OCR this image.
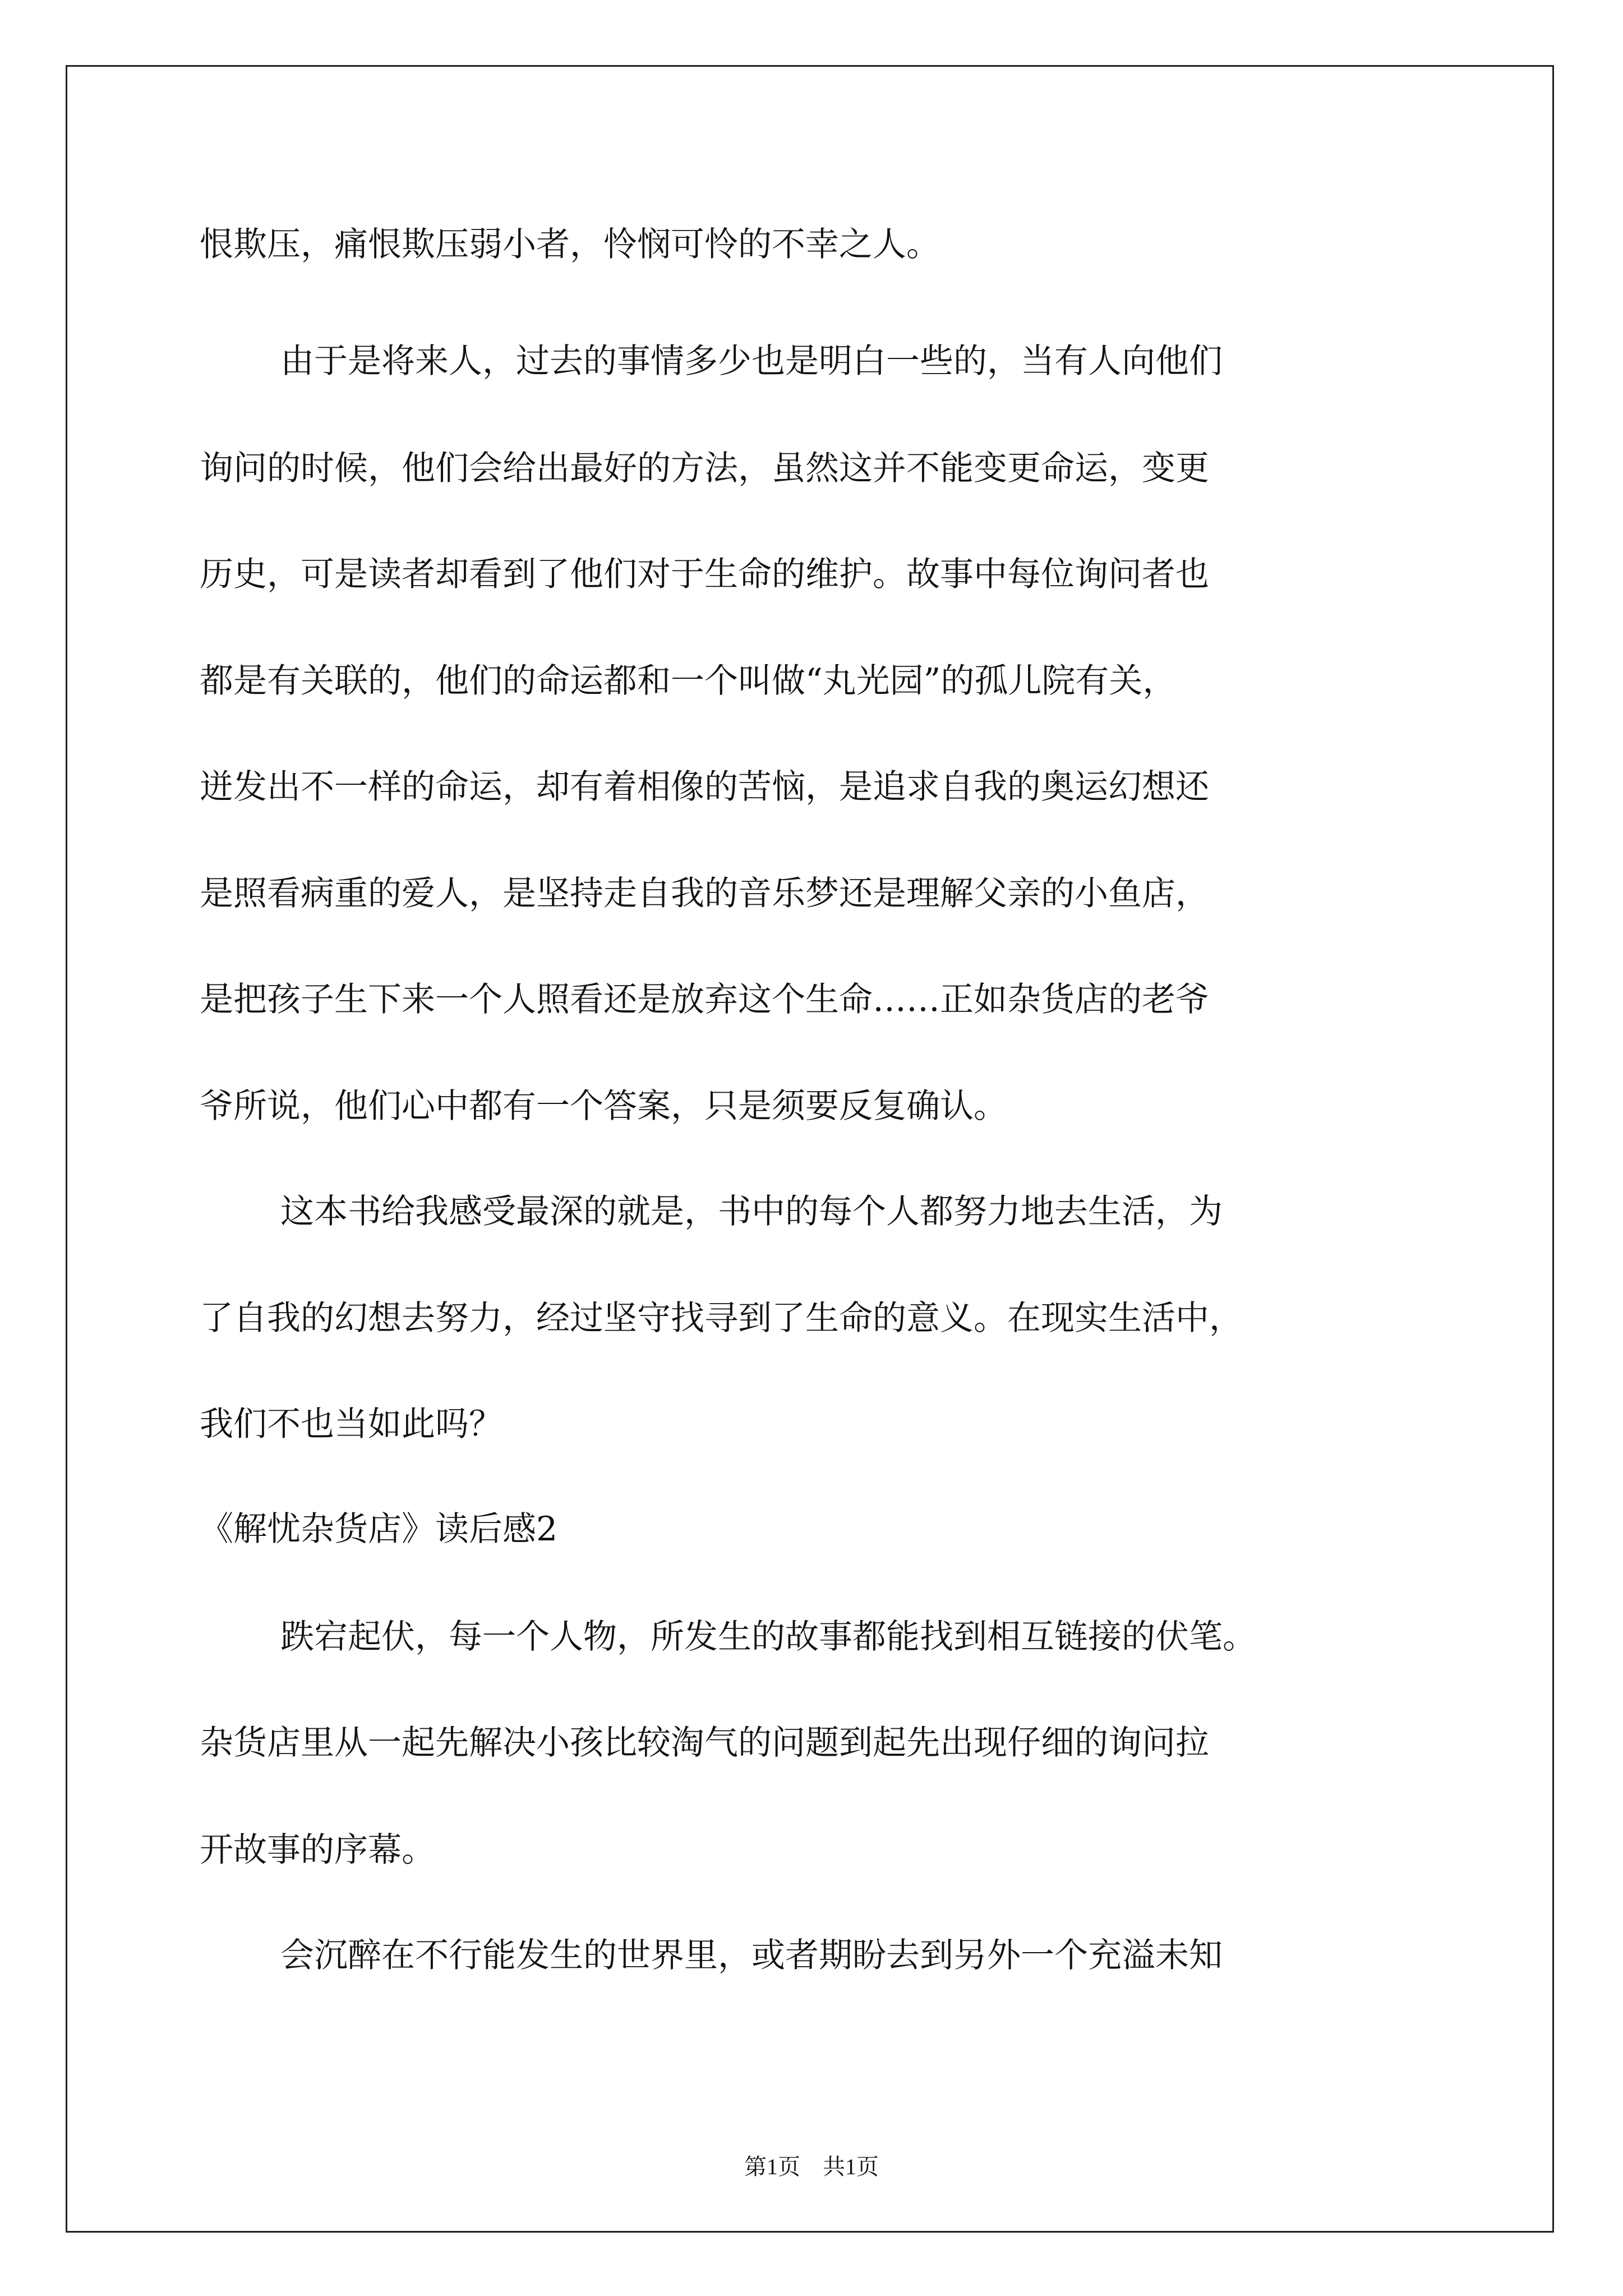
恨欺压，痛恨欺压弱小者，怜悯可怜的不幸之人。
由于是将来人，过去的事情多少也是明白一些的，当有人向他们
询问的时候，他们会给出最好的方法，虽然这并不能变更命运，变更
历史，可是读者却看到了他们对于生命的维护。故事中每位询问者也
都是有关联的，他们的命运都和一个叫做“丸光园”的孤儿院有关，
迸发出不一样的命运，却有着相像的苦恼，是追求自我的奥运幻想还
是照看病重的爱人，是坚持走自我的音乐梦还是理解父亲的小鱼店，
是把孩子生下来一个人照看还是放弃这个生命……正如杂货店的老爷
爷所说，他们心中都有一个答案，只是须要反复确认。
这本书给我感受最深的就是，书中的每个人都努力地去生活，为
了自我的幻想去努力，经过坚守找寻到了生命的意义。在现实生活中，
我们不也当如此吗？
《解忧杂货店》读后感2
跌宕起伏，每一个人物，所发生的故事都能找到相互链接的伏笔。
杂货店里从一起先解决小孩比较淘气的问题到起先出现仔细的询问拉
开故事的序幕。
会沉醉在不行能发生的世界里，或者期盼去到另外一个充溢未知
第1页　共1页
